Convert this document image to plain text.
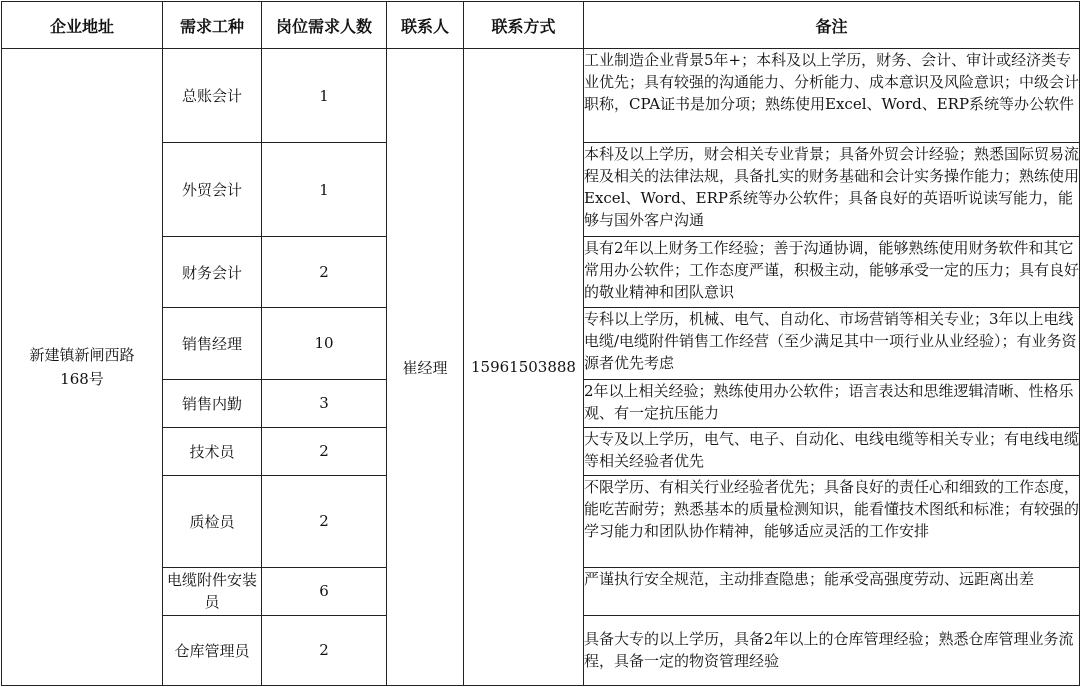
企业地址	需求工种	岗位需求人数	联系人	联系方式	备注

新建镇新闸西路
168号	总账会计	1	崔经理	15961503888	工业制造企业背景5年+；本科及以上学历，财务、会计、审计或经济类专业优先；具有较强的沟通能力、分析能力、成本意识及风险意识；中级会计职称，CPA证书是加分项；熟练使用Excel、Word、ERP系统等办公软件
	外贸会计	1			本科及以上学历，财会相关专业背景；具备外贸会计经验；熟悉国际贸易流程及相关的法律法规，具备扎实的财务基础和会计实务操作能力；熟练使用Excel、Word、ERP系统等办公软件；具备良好的英语听说读写能力，能够与国外客户沟通
	财务会计	2			具有2年以上财务工作经验；善于沟通协调，能够熟练使用财务软件和其它常用办公软件；工作态度严谨，积极主动，能够承受一定的压力；具有良好的敬业精神和团队意识
	销售经理	10			专科以上学历，机械、电气、自动化、市场营销等相关专业；3年以上电线电缆/电缆附件销售工作经营（至少满足其中一项行业从业经验）；有业务资源者优先考虑
	销售内勤	3			2年以上相关经验；熟练使用办公软件；语言表达和思维逻辑清晰、性格乐观、有一定抗压能力
	技术员	2			大专及以上学历，电气、电子、自动化、电线电缆等相关专业；有电线电缆等相关经验者优先
	质检员	2			不限学历、有相关行业经验者优先；具备良好的责任心和细致的工作态度，能吃苦耐劳；熟悉基本的质量检测知识，能看懂技术图纸和标准；有较强的学习能力和团队协作精神，能够适应灵活的工作安排
	电缆附件安装员	6			严谨执行安全规范，主动排查隐患；能承受高强度劳动、远距离出差
	仓库管理员	2			具备大专的以上学历，具备2年以上的仓库管理经验；熟悉仓库管理业务流程，具备一定的物资管理经验
